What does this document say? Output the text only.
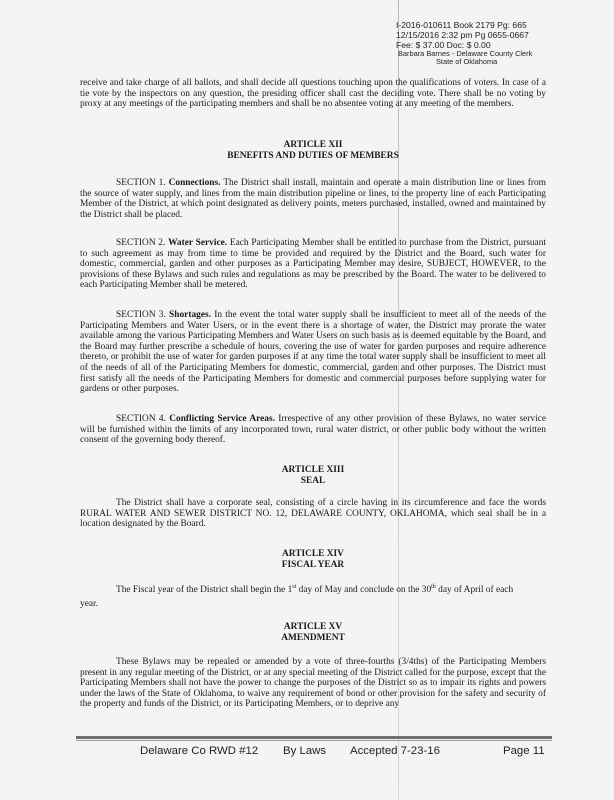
I-2016-010611 Book 2179 Pg: 665
12/15/2016 2:32 pm Pg 0655-0667
Fee: $ 37.00 Doc: $ 0.00
Barbara Barnes - Delaware County Clerk
State of Oklahoma

receive and take charge of all ballots, and shall decide all questions touching upon the qualifications of voters. In case of a tie vote by the inspectors on any question, the presiding officer shall cast the deciding vote. There shall be no voting by proxy at any meetings of the participating members and shall be no absentee voting at any meeting of the members.

ARTICLE XII
BENEFITS AND DUTIES OF MEMBERS

SECTION 1. Connections. The District shall install, maintain and operate a main distribution line or lines from the source of water supply, and lines from the main distribution pipeline or lines, to the property line of each Participating Member of the District, at which point designated as delivery points, meters purchased, installed, owned and maintained by the District shall be placed.

SECTION 2. Water Service. Each Participating Member shall be entitled to purchase from the District, pursuant to such agreement as may from time to time be provided and required by the District and the Board, such water for domestic, commercial, garden and other purposes as a Participating Member may desire, SUBJECT, HOWEVER, to the provisions of these Bylaws and such rules and regulations as may be prescribed by the Board. The water to be delivered to each Participating Member shall be metered.

SECTION 3. Shortages. In the event the total water supply shall be insufficient to meet all of the needs of the Participating Members and Water Users, or in the event there is a shortage of water, the District may prorate the water available among the various Participating Members and Water Users on such basis as is deemed equitable by the Board, and the Board may further prescribe a schedule of hours, covering the use of water for garden purposes and require adherence thereto, or prohibit the use of water for garden purposes if at any time the total water supply shall be insufficient to meet all of the needs of all of the Participating Members for domestic, commercial, garden and other purposes. The District must first satisfy all the needs of the Participating Members for domestic and commercial purposes before supplying water for gardens or other purposes.

SECTION 4. Conflicting Service Areas. Irrespective of any other provision of these Bylaws, no water service will be furnished within the limits of any incorporated town, rural water district, or other public body without the written consent of the governing body thereof.

ARTICLE XIII
SEAL

The District shall have a corporate seal, consisting of a circle having in its circumference and face the words RURAL WATER AND SEWER DISTRICT NO. 12, DELAWARE COUNTY, OKLAHOMA, which seal shall be in a location designated by the Board.

ARTICLE XIV
FISCAL YEAR
The Fiscal year of the District shall begin the 1st day of May and conclude on the 30th day of April of each
year.
ARTICLE XV
AMENDMENT

These Bylaws may be repealed or amended by a vote of three-fourths (3/4ths) of the Participating Members present in any regular meeting of the District, or at any special meeting of the District called for the purpose, except that the Participating Members shall not have the power to change the purposes of the District so as to impair its rights and powers under the laws of the State of Oklahoma, to waive any requirement of bond or other provision for the safety and security of the property and funds of the District, or its Participating Members, or to deprive any

Delaware Co RWD #12 By Laws Accepted 7-23-16	Page 11
